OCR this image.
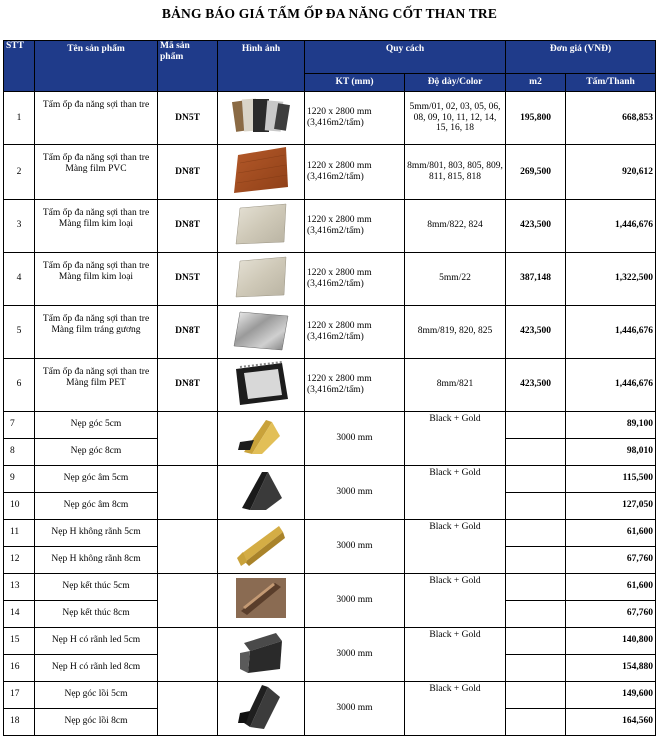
BẢNG BÁO GIÁ TẤM ỐP ĐA NĂNG CỐT THAN TRE
STT	Tên sản phẩm	Mã sản phẩm	Hình ảnh	Quy cách		Đơn giá (VNĐ)	
				KT (mm)	Độ dày/Color	m2	Tấm/Thanh
1	Tấm ốp đa năng sợi than tre	DN5T		1220 x 2800 mm (3,416m2/tấm)	5mm/01, 02, 03, 05, 06, 08, 09, 10, 11, 12, 14, 15, 16, 18	195,800	668,853
2	Tấm ốp đa năng sợi than tre Màng film PVC	DN8T		1220 x 2800 mm (3,416m2/tấm)	8mm/801, 803, 805, 809, 811, 815, 818	269,500	920,612
3	Tấm ốp đa năng sợi than tre Màng film kim loại	DN8T		1220 x 2800 mm (3,416m2/tấm)	8mm/822, 824	423,500	1,446,676
4	Tấm ốp đa năng sợi than tre Màng film kim loại	DN5T		1220 x 2800 mm (3,416m2/tấm)	5mm/22	387,148	1,322,500
5	Tấm ốp đa năng sợi than tre Màng film tráng gương	DN8T		1220 x 2800 mm (3,416m2/tấm)	8mm/819, 820, 825	423,500	1,446,676
6	Tấm ốp đa năng sợi than tre Màng film PET	DN8T		1220 x 2800 mm (3,416m2/tấm)	8mm/821	423,500	1,446,676
7	Nẹp góc 5cm			3000 mm	Black + Gold		89,100
8	Nẹp góc 8cm						98,010
9	Nẹp góc âm 5cm			3000 mm	Black + Gold		115,500
10	Nẹp góc âm 8cm						127,050
11	Nẹp H không rãnh 5cm			3000 mm	Black + Gold		61,600
12	Nẹp H không rãnh 8cm						67,760
13	Nẹp kết thúc 5cm			3000 mm	Black + Gold		61,600
14	Nẹp kết thúc 8cm						67,760
15	Nẹp H có rãnh led 5cm			3000 mm	Black + Gold		140,800
16	Nẹp H có rãnh led 8cm						154,880
17	Nẹp góc lồi 5cm			3000 mm	Black + Gold		149,600
18	Nẹp góc lồi 8cm						164,560
